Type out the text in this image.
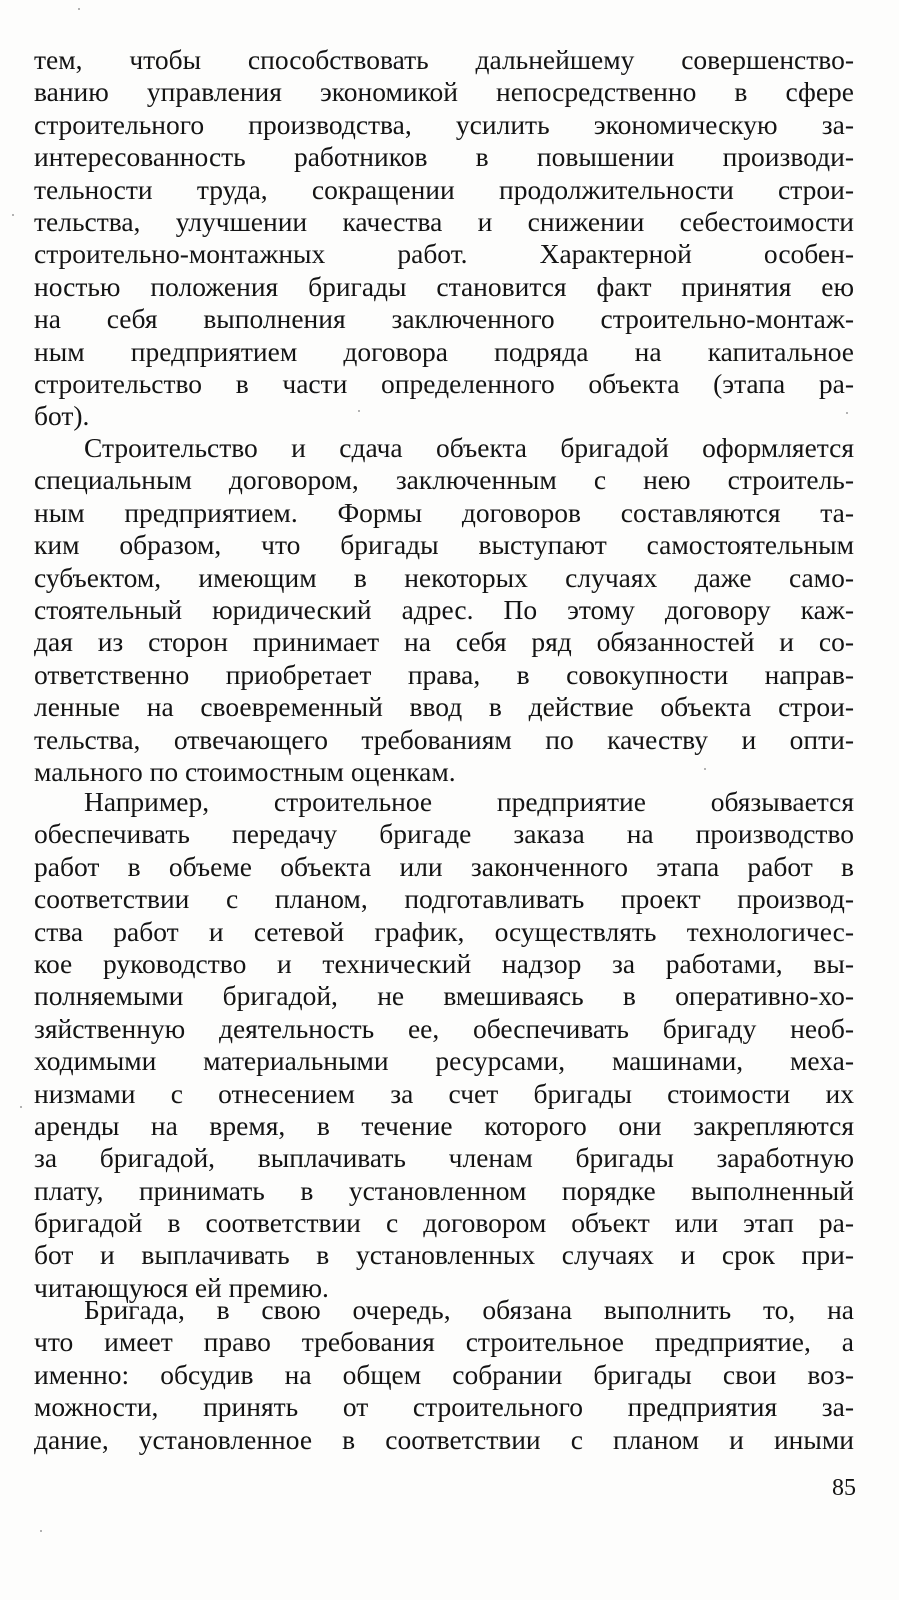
тем, чтобы способствовать дальнейшему совершенство-
ванию управления экономикой непосредственно в сфере
строительного производства, усилить экономическую за-
интересованность работников в повышении производи-
тельности труда, сокращении продолжительности строи-
тельства, улучшении качества и снижении себестоимости
строительно-монтажных работ. Характерной особен-
ностью положения бригады становится факт принятия ею
на себя выполнения заключенного строительно-монтаж-
ным предприятием договора подряда на капитальное
строительство в части определенного объекта (этапа ра-
бот).
Строительство и сдача объекта бригадой оформляется
специальным договором, заключенным с нею строитель-
ным предприятием. Формы договоров составляются та-
ким образом, что бригады выступают самостоятельным
субъектом, имеющим в некоторых случаях даже само-
стоятельный юридический адрес. По этому договору каж-
дая из сторон принимает на себя ряд обязанностей и со-
ответственно приобретает права, в совокупности направ-
ленные на своевременный ввод в действие объекта строи-
тельства, отвечающего требованиям по качеству и опти-
мального по стоимостным оценкам.
Например, строительное предприятие обязывается
обеспечивать передачу бригаде заказа на производство
работ в объеме объекта или законченного этапа работ в
соответствии с планом, подготавливать проект производ-
ства работ и сетевой график, осуществлять технологичес-
кое руководство и технический надзор за работами, вы-
полняемыми бригадой, не вмешиваясь в оперативно-хо-
зяйственную деятельность ее, обеспечивать бригаду необ-
ходимыми материальными ресурсами, машинами, меха-
низмами с отнесением за счет бригады стоимости их
аренды на время, в течение которого они закрепляются
за бригадой, выплачивать членам бригады заработную
плату, принимать в установленном порядке выполненный
бригадой в соответствии с договором объект или этап ра-
бот и выплачивать в установленных случаях и срок при-
читающуюся ей премию.
Бригада, в свою очередь, обязана выполнить то, на
что имеет право требования строительное предприятие, а
именно: обсудив на общем собрании бригады свои воз-
можности, принять от строительного предприятия за-
дание, установленное в соответствии с планом и иными
85
